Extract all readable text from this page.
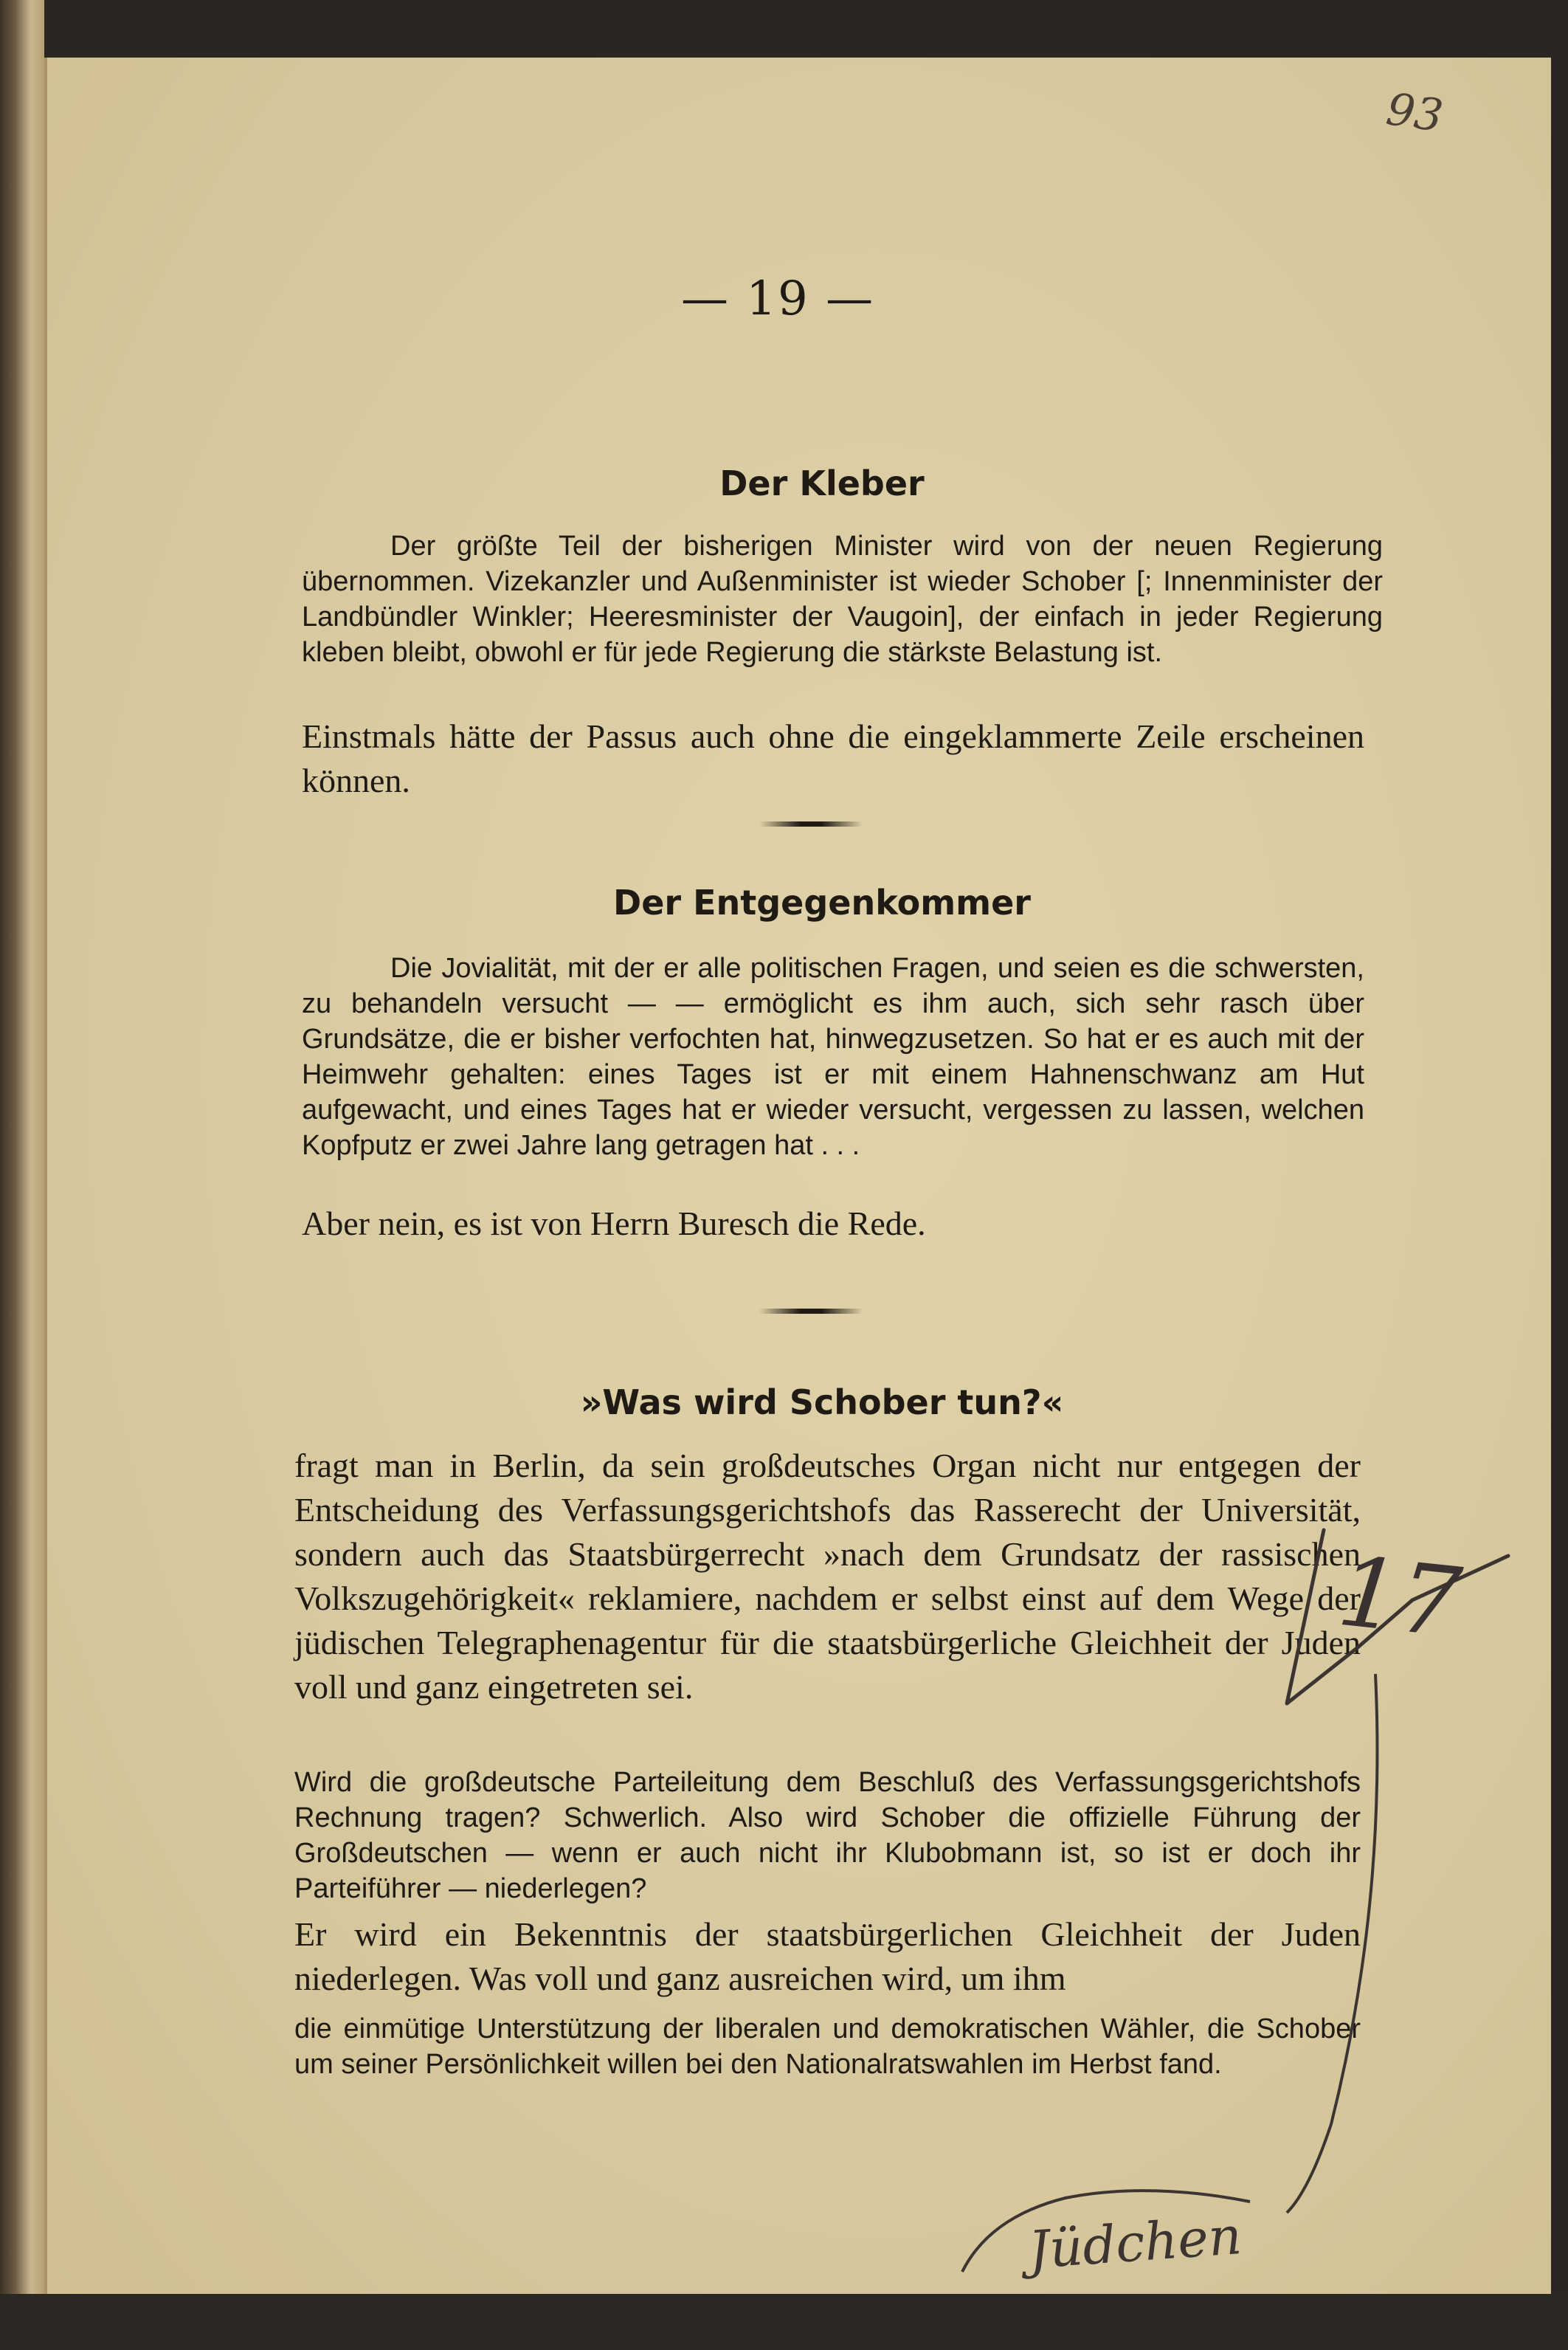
93
— 19 —
Der Kleber

Der größte Teil der bisherigen Minister wird von der neuen Regierung übernommen. Vizekanzler und Außenminister ist wieder Schober [; Innenminister der Landbündler Winkler; Heeresminister der Vaugoin], der einfach in jeder Regierung kleben bleibt, obwohl er für jede Regierung die stärkste Belastung ist.

Einstmals hätte der Passus auch ohne die eingeklammerte Zeile erscheinen können.

Der Entgegenkommer

Die Jovialität, mit der er alle politischen Fragen, und seien es die schwersten, zu behandeln versucht — — ermöglicht es ihm auch, sich sehr rasch über Grundsätze, die er bisher verfochten hat, hinwegzusetzen. So hat er es auch mit der Heimwehr gehalten: eines Tages ist er mit einem Hahnenschwanz am Hut aufgewacht, und eines Tages hat er wieder versucht, vergessen zu lassen, welchen Kopfputz er zwei Jahre lang getragen hat . . .

Aber nein, es ist von Herrn Buresch die Rede.

»Was wird Schober tun?«

fragt man in Berlin, da sein großdeutsches Organ nicht nur entgegen der Entscheidung des Verfassungsgerichtshofs das Rasserecht der Universität, sondern auch das Staatsbürgerrecht »nach dem Grundsatz der rassischen Volkszugehörigkeit« reklamiere, nachdem er selbst einst auf dem Wege der jüdischen Telegraphenagentur für die staatsbürgerliche Gleichheit der Juden voll und ganz eingetreten sei.

Wird die großdeutsche Parteileitung dem Beschluß des Verfassungsgerichtshofs Rechnung tragen? Schwerlich. Also wird Schober die offizielle Führung der Großdeutschen — wenn er auch nicht ihr Klubobmann ist, so ist er doch ihr Parteiführer — niederlegen?

Er wird ein Bekenntnis der staatsbürgerlichen Gleichheit der Juden niederlegen. Was voll und ganz ausreichen wird, um ihm

die einmütige Unterstützung der liberalen und demokratischen Wähler, die Schober um seiner Persönlichkeit willen bei den Nationalratswahlen im Herbst fand.

17
Jüdchen
